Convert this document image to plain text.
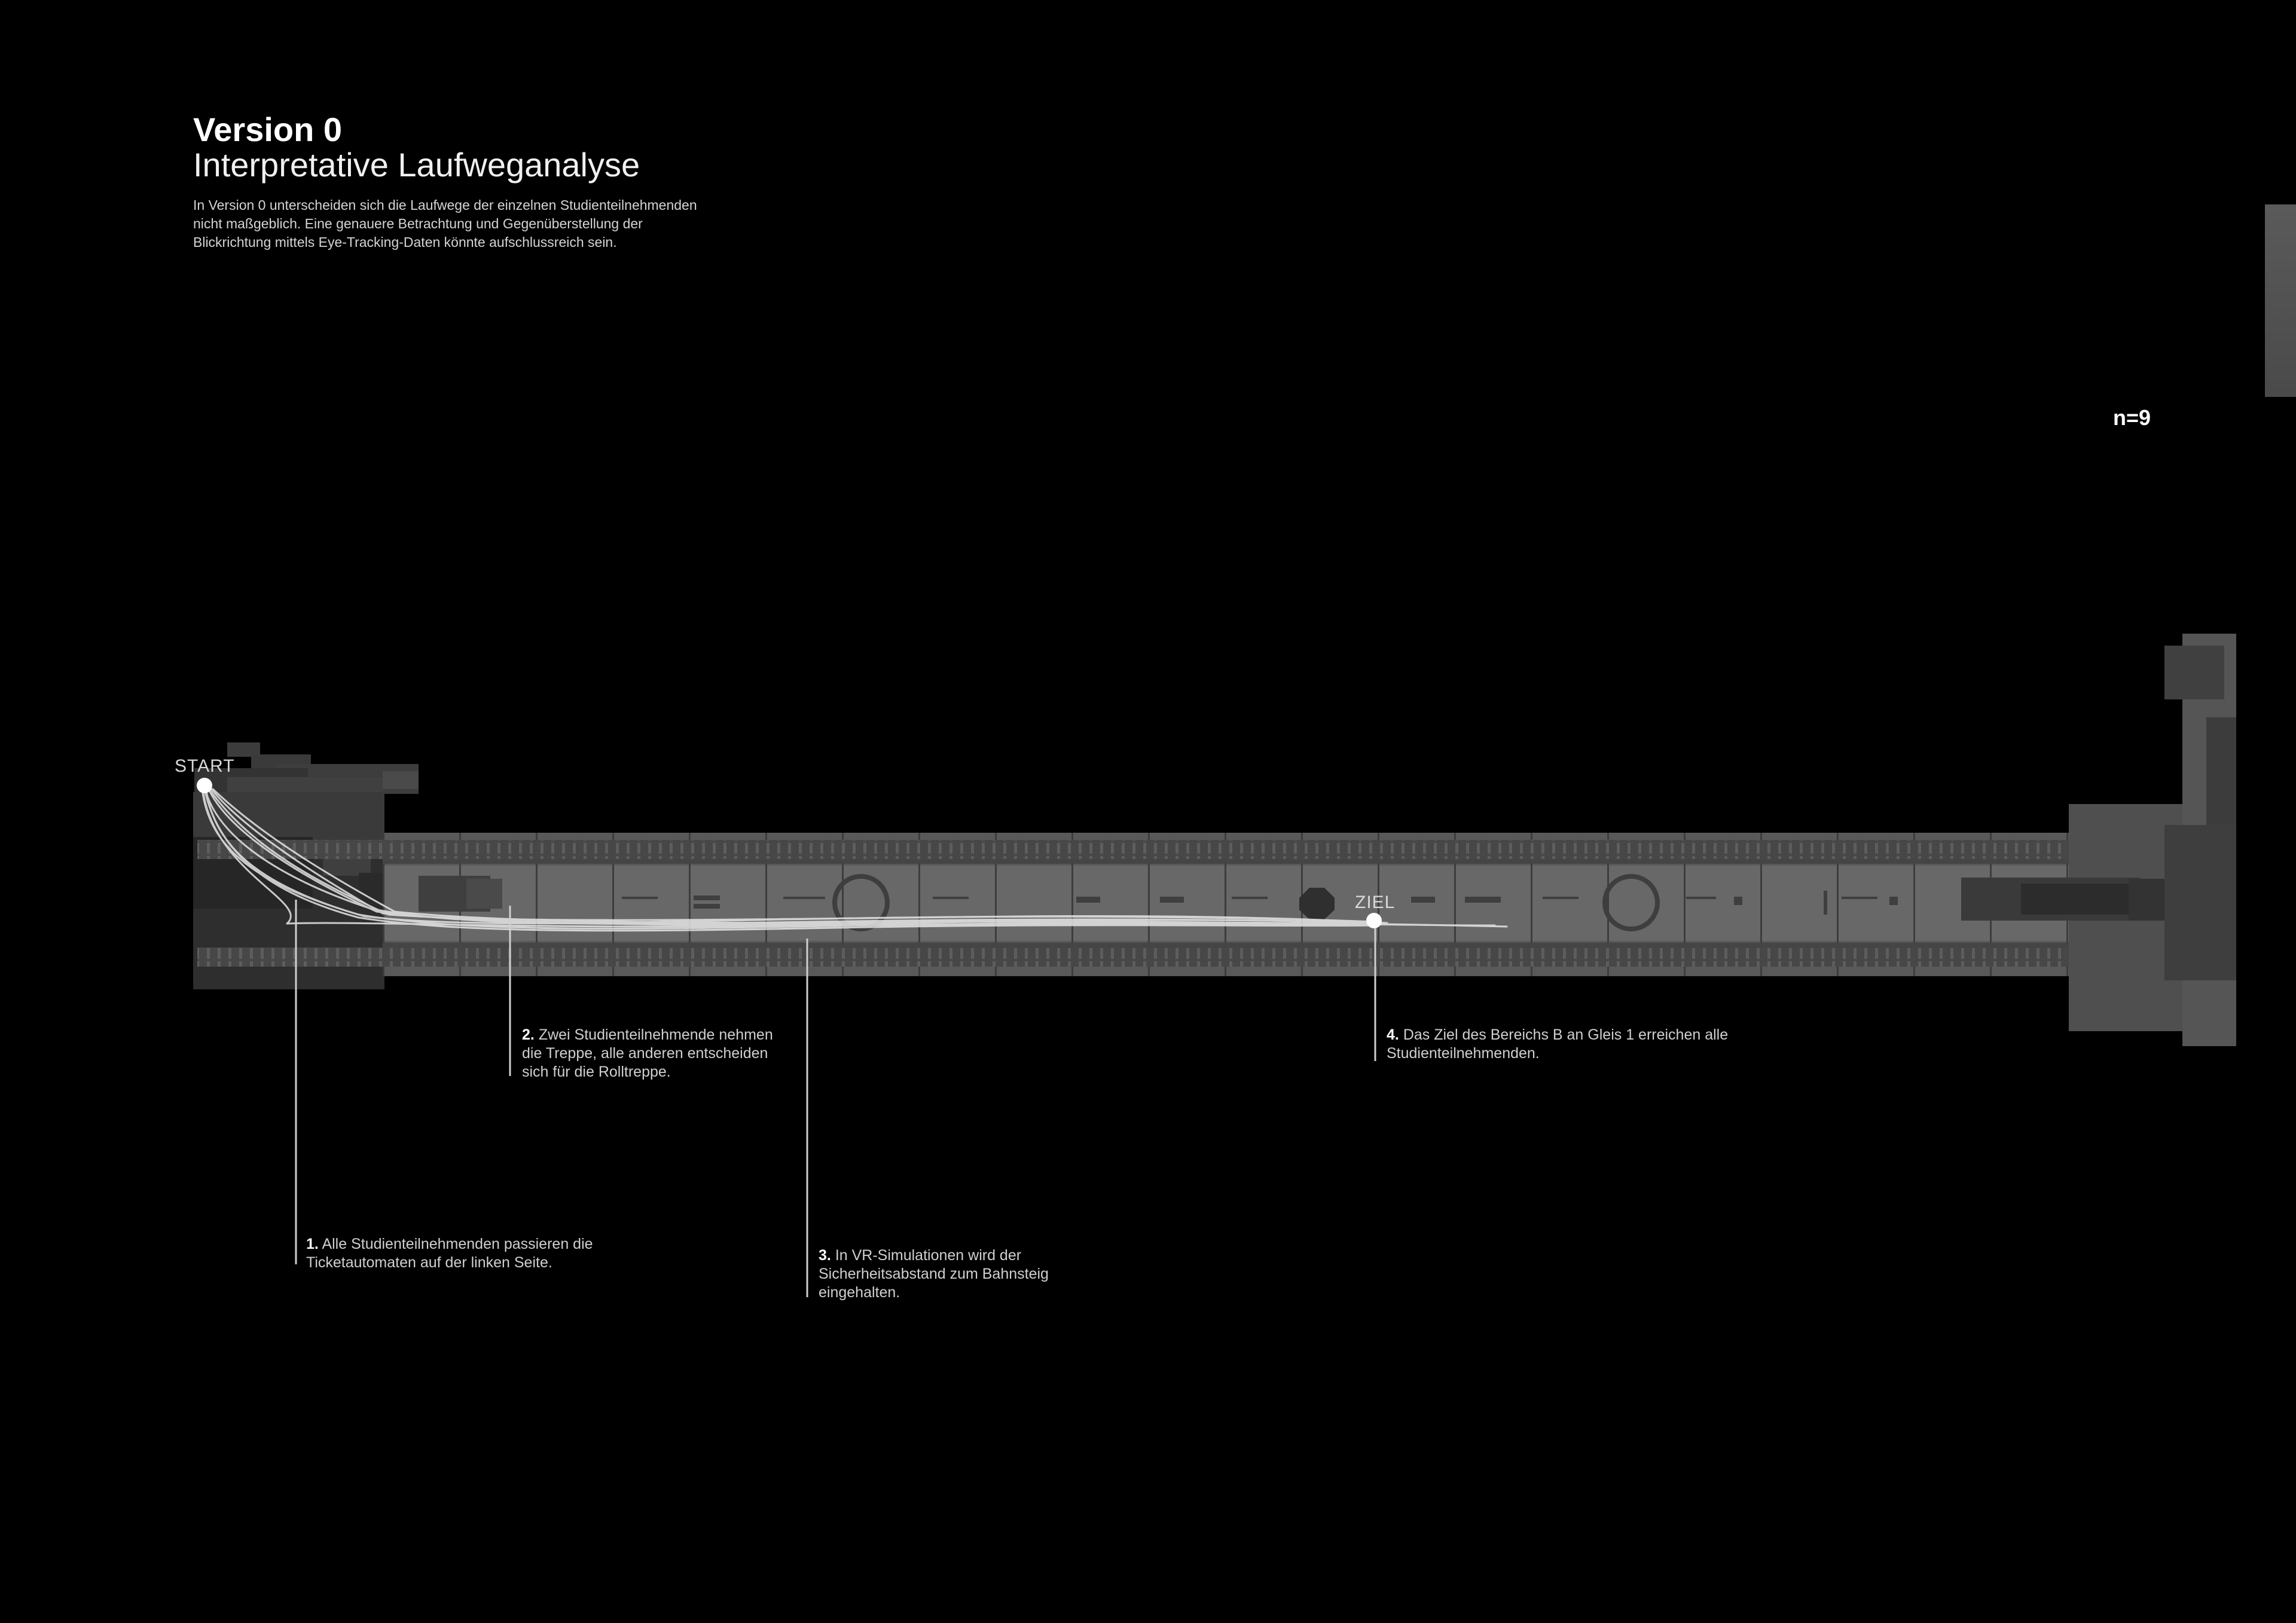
Version 0
Interpretative Laufweganalyse
In Version 0 unterscheiden sich die Laufwege der einzelnen Studienteilnehmenden nicht maßgeblich. Eine genauere Betrachtung und Gegenüberstellung der Blickrichtung mittels Eye-Tracking-Daten könnte aufschlussreich sein.
n=9
START
ZIEL
1. Alle Studienteilnehmenden passieren die Ticketautomaten auf der linken Seite.
2. Zwei Studienteilnehmende nehmen die Treppe, alle anderen entscheiden sich für die Rolltreppe.
3. In VR-Simulationen wird der Sicherheitsabstand zum Bahnsteig eingehalten.
4. Das Ziel des Bereichs B an Gleis 1 erreichen alle Studienteilnehmenden.
